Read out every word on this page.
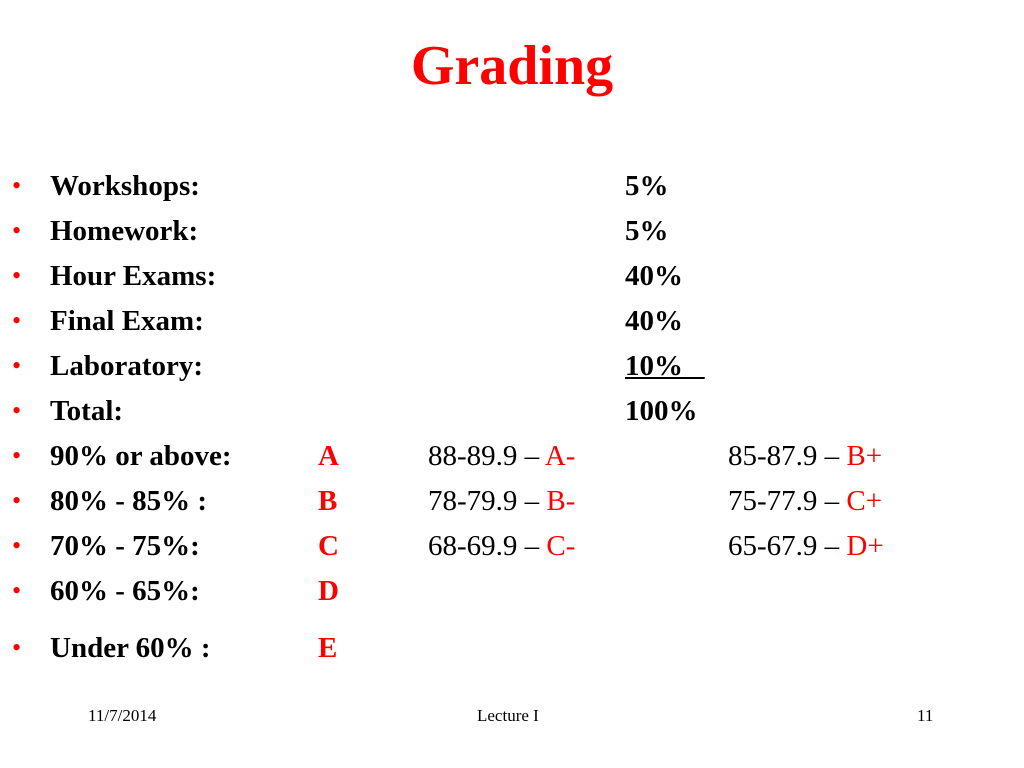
Grading
• Workshops:	5%
• Homework:	5%
• Hour Exams:	40%
• Final Exam:	40%
• Laboratory:	10%
• Total:	100%
• 90% or above:	A	88-89.9 – A-	85-87.9 – B+
• 80% - 85% :	B	78-79.9 – B-	75-77.9 – C+
• 70% - 75%:	C	68-69.9 – C-	65-67.9 – D+
• 60% - 65%:	D
• Under 60% :	E
11/7/2014	Lecture I	11
